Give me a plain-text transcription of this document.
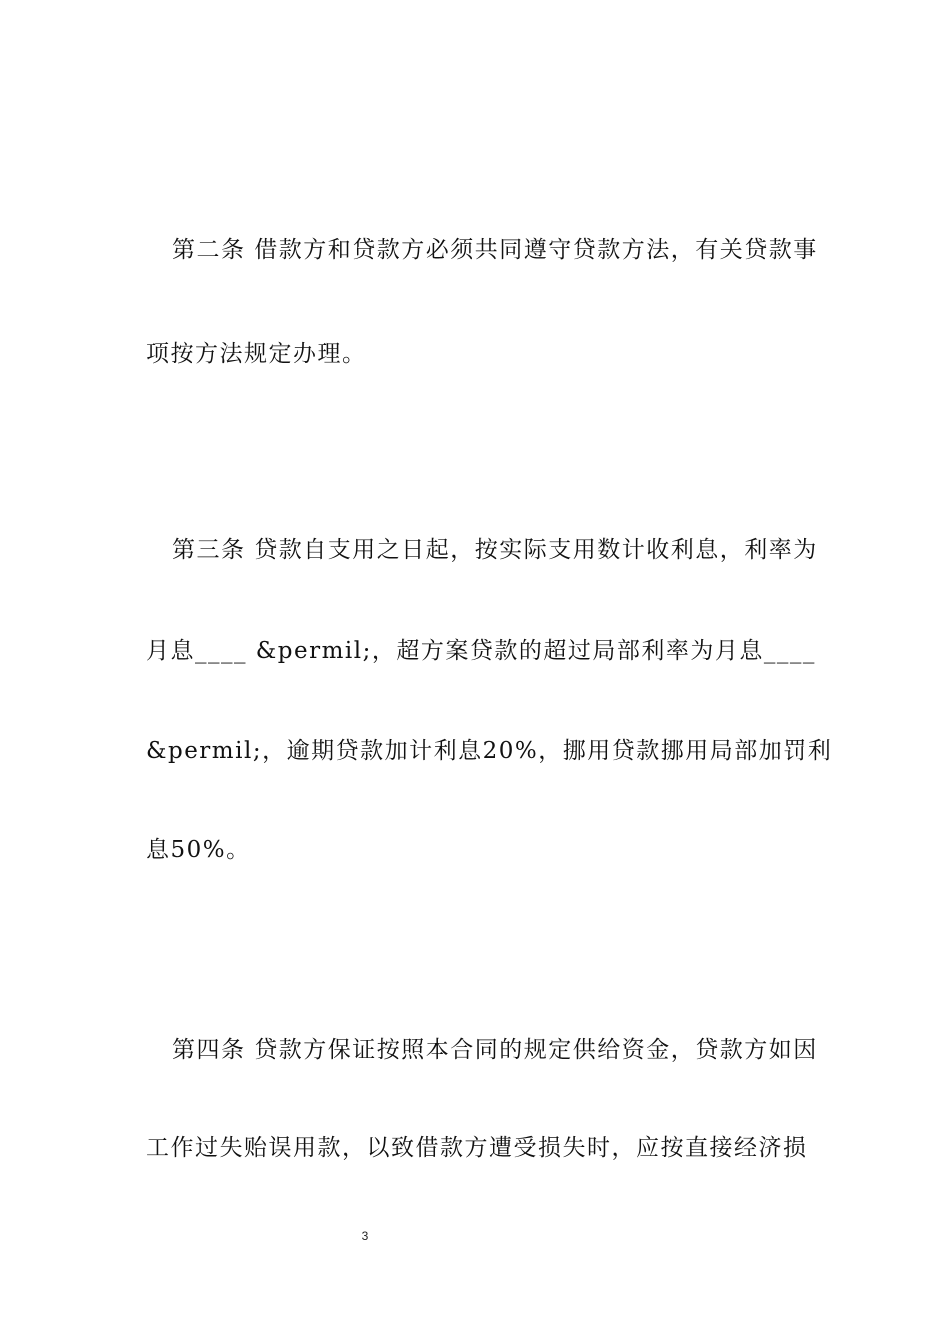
第二条 借款方和贷款方必须共同遵守贷款方法，有关贷款事
项按方法规定办理。
第三条 贷款自支用之日起，按实际支用数计收利息，利率为
月息____ &permil;，超方案贷款的超过局部利率为月息____
&permil;，逾期贷款加计利息20%，挪用贷款挪用局部加罚利
息50%。
第四条 贷款方保证按照本合同的规定供给资金，贷款方如因
工作过失贻误用款，以致借款方遭受损失时，应按直接经济损
3
